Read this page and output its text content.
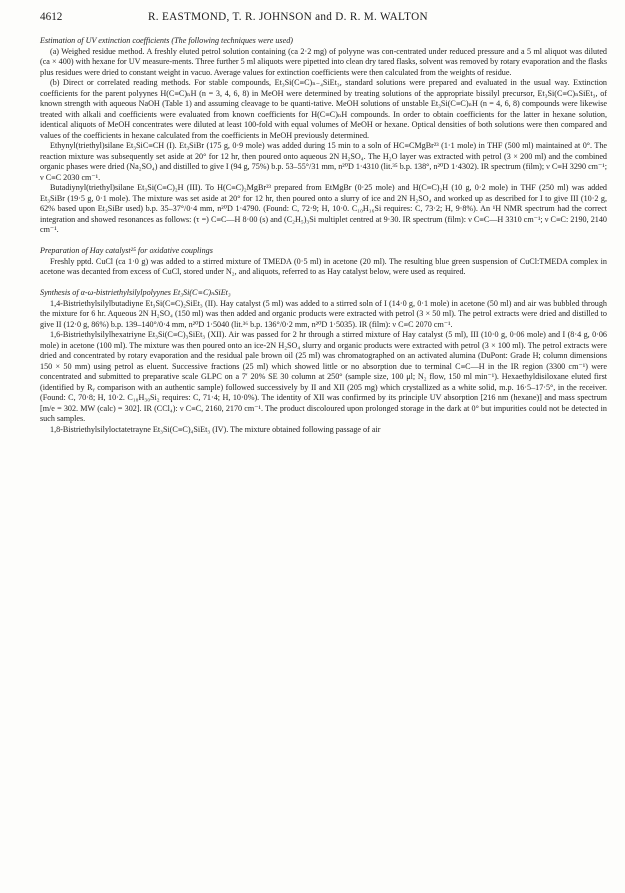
4612	R. EASTMOND, T. R. JOHNSON and D. R. M. WALTON

Estimation of UV extinction coefficients (The following techniques were used)

(a) Weighed residue method. A freshly eluted petrol solution containing (ca 2·2 mg) of polyyne was con-centrated under reduced pressure and a 5 ml aliquot was diluted (ca × 400) with hexane for UV measure-ments. Three further 5 ml aliquots were pipetted into clean dry tared flasks, solvent was removed by rotary evaporation and the flasks plus residues were dried to constant weight in vacuo. Average values for extinction coefficients were then calculated from the weights of residue.

(b) Direct or correlated reading methods. For stable compounds, Et₃Si(C≡C)ₙ₋₄SiEt₃, standard solutions were prepared and evaluated in the usual way. Extinction coefficients for the parent polyynes H(C≡C)ₙH (n = 3, 4, 6, 8) in MeOH were determined by treating solutions of the appropriate bissilyl precursor, Et₃Si(C≡C)ₙSiEt₃, of known strength with aqueous NaOH (Table 1) and assuming cleavage to be quanti-tative. MeOH solutions of unstable Et₃Si(C≡C)ₙH (n = 4, 6, 8) compounds were likewise treated with alkali and coefficients were evaluated from known coefficients for H(C≡C)ₙH compounds. In order to obtain coefficients for the latter in hexane solution, identical aliquots of MeOH concentrates were diluted at least 100-fold with equal volumes of MeOH or hexane. Optical densities of both solutions were then compared and values of the coefficients in hexane calculated from the coefficients in MeOH previously determined.

Ethynyl(triethyl)silane Et₃SiC≡CH (I). Et₃SiBr (175 g, 0·9 mole) was added during 15 min to a soln of HC≡CMgBr²³ (1·1 mole) in THF (500 ml) maintained at 0°. The reaction mixture was subsequently set aside at 20° for 12 hr, then poured onto aqueous 2N H₂SO₄. The H₂O layer was extracted with petrol (3 × 200 ml) and the combined organic phases were dried (Na₂SO₄) and distilled to give I (94 g, 75%) b.p. 53–55°/31 mm, n²⁰D 1·4310 (lit.³⁵ b.p. 138°, n²⁰D 1·4302). IR spectrum (film); ν C≡H 3290 cm⁻¹; ν C≡C 2030 cm⁻¹.

Butadiynyl(triethyl)silane Et₃Si(C≡C)₂H (III). To H(C≡C)₂MgBr²³ prepared from EtMgBr (0·25 mole) and H(C≡C)₂H (10 g, 0·2 mole) in THF (250 ml) was added Et₃SiBr (19·5 g, 0·1 mole). The mixture was set aside at 20° for 12 hr, then poured onto a slurry of ice and 2N H₂SO₄ and worked up as described for I to give III (10·2 g, 62% based upon Et₃SiBr used) b.p. 35–37°/0·4 mm, n²⁰D 1·4790. (Found: C, 72·9; H, 10·0. C₁₀H₁₆Si requires: C, 73·2; H, 9·8%). An ¹H NMR spectrum had the correct integration and showed resonances as follows: (τ =) C≡C—H 8·00 (s) and (C₂H₅)₃Si multiplet centred at 9·30. IR spectrum (film): ν C≡C—H 3310 cm⁻¹; ν C≡C: 2190, 2140 cm⁻¹.

Preparation of Hay catalyst²⁵ for oxidative couplings

Freshly pptd. CuCl (ca 1·0 g) was added to a stirred mixture of TMEDA (0·5 ml) in acetone (20 ml). The resulting blue green suspension of CuCl:TMEDA complex in acetone was decanted from excess of CuCl, stored under N₂, and aliquots, referred to as Hay catalyst below, were used as required.

Synthesis of α-ω-bistriethylsilylpolyynes Et₃Si(C≡C)ₙSiEt₃

1,4-Bistriethylsilylbutadiyne Et₃Si(C≡C)₂SiEt₃ (II). Hay catalyst (5 ml) was added to a stirred soln of I (14·0 g, 0·1 mole) in acetone (50 ml) and air was bubbled through the mixture for 6 hr. Aqueous 2N H₂SO₄ (150 ml) was then added and organic products were extracted with petrol (3 × 50 ml). The petrol extracts were dried and distilled to give II (12·0 g, 86%) b.p. 139–140°/0·4 mm, n²⁰D 1·5040 (lit.³⁶ b.p. 136°/0·2 mm, n²⁰D 1·5035). IR (film): ν C≡C 2070 cm⁻¹.

1,6-Bistriethylsilylhexatriyne Et₃Si(C≡C)₃SiEt₃ (XII). Air was passed for 2 hr through a stirred mixture of Hay catalyst (5 ml), III (10·0 g, 0·06 mole) and I (8·4 g, 0·06 mole) in acetone (100 ml). The mixture was then poured onto an ice-2N H₂SO₄ slurry and organic products were extracted with petrol (3 × 100 ml). The petrol extracts were dried and concentrated by rotary evaporation and the residual pale brown oil (25 ml) was chromatographed on an activated alumina (DuPont: Grade H; column dimensions 150 × 50 mm) using petrol as eluent. Successive fractions (25 ml) which showed little or no absorption due to terminal C≡C—H in the IR region (3300 cm⁻¹) were concentrated and submitted to preparative scale GLPC on a 7′ 20% SE 30 column at 250° (sample size, 100 μl; N₂ flow, 150 ml min⁻¹). Hexaethyldisiloxane eluted first (identified by Rᵧ comparison with an authentic sample) followed successively by II and XII (205 mg) which crystallized as a white solid, m.p. 16·5–17·5°, in the receiver. (Found: C, 70·8; H, 10·2. C₁₈H₃₀Si₂ requires: C, 71·4; H, 10·0%). The identity of XII was confirmed by its principle UV absorption [216 nm (hexane)] and mass spectrum [m/e = 302. MW (calc) = 302]. IR (CCl₄): ν C≡C, 2160, 2170 cm⁻¹. The product discoloured upon prolonged storage in the dark at 0° but impurities could not be detected in such samples.

1,8-Bistriethylsilyloctatetrayne Et₃Si(C≡C)₄SiEt₃ (IV). The mixture obtained following passage of air
